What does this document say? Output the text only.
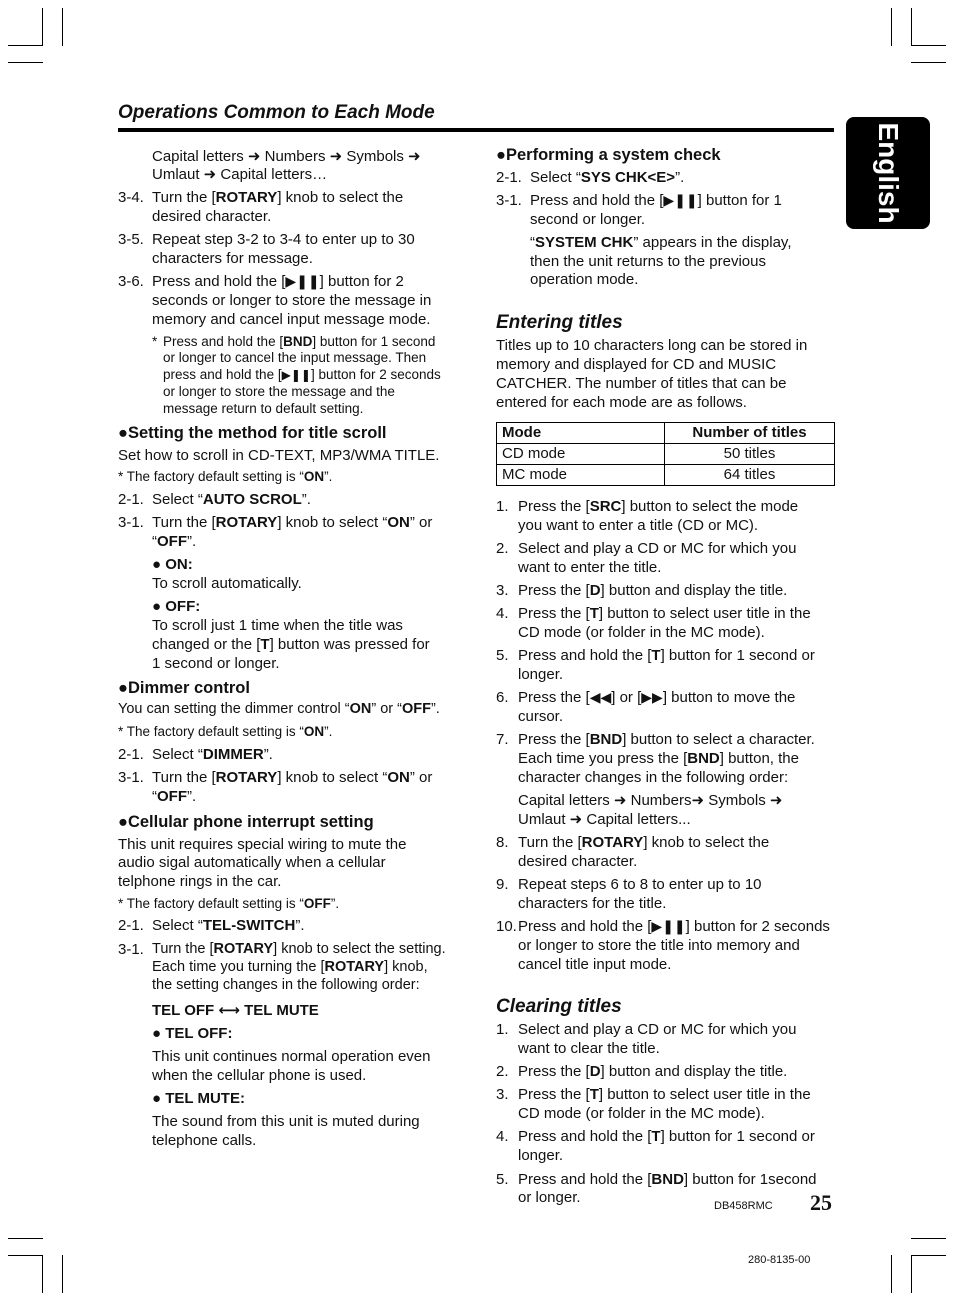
Operations Common to Each Mode
English
Capital letters ➜ Numbers ➜ Symbols ➜
Umlaut ➜ Capital letters…
3-4. Turn the [ROTARY] knob to select the
desired character.
3-5. Repeat step 3-2 to 3-4 to enter up to 30
characters for message.
3-6. Press and hold the [▶❚❚] button for 2
seconds or longer to store the message in
memory and cancel input message mode.
* Press and hold the [BND] button for 1 second
or longer to cancel the input message. Then
press and hold the [▶❚❚] button for 2 seconds
or longer to store the message and the
message return to default setting.
●Setting the method for title scroll
Set how to scroll in CD-TEXT, MP3/WMA TITLE.
* The factory default setting is “ON”.
2-1. Select “AUTO SCROL”.
3-1. Turn the [ROTARY] knob to select “ON” or
“OFF”.
● ON:
To scroll automatically.
● OFF:
To scroll just 1 time when the title was
changed or the [T] button was pressed for
1 second or longer.
●Dimmer control
You can setting the dimmer control “ON” or “OFF”.
* The factory default setting is “ON”.
2-1. Select “DIMMER”.
3-1. Turn the [ROTARY] knob to select “ON” or
“OFF”.
●Cellular phone interrupt setting
This unit requires special wiring to mute the
audio sigal automatically when a cellular
telphone rings in the car.
* The factory default setting is “OFF”.
2-1. Select “TEL-SWITCH”.
3-1. Turn the [ROTARY] knob to select the setting.
Each time you turning the [ROTARY] knob,
the setting changes in the following order:
TEL OFF ⟷ TEL MUTE
● TEL OFF:
This unit continues normal operation even
when the cellular phone is used.
● TEL MUTE:
The sound from this unit is muted during
telephone calls.
●Performing a system check
2-1. Select “SYS CHK<E>”.
3-1. Press and hold the [▶❚❚] button for 1
second or longer.
“SYSTEM CHK” appears in the display,
then the unit returns to the previous
operation mode.
Entering titles
Titles up to 10 characters long can be stored in
memory and displayed for CD and MUSIC
CATCHER. The number of titles that can be
entered for each mode are as follows.
Mode	Number of titles
CD mode	50 titles
MC mode	64 titles
1. Press the [SRC] button to select the mode
you want to enter a title (CD or MC).
2. Select and play a CD or MC for which you
want to enter the title.
3. Press the [D] button and display the title.
4. Press the [T] button to select user title in the
CD mode (or folder in the MC mode).
5. Press and hold the [T] button for 1 second or
longer.
6. Press the [◀◀] or [▶▶] button to move the
cursor.
7. Press the [BND] button to select a character.
Each time you press the [BND] button, the
character changes in the following order:
Capital letters ➜ Numbers➜ Symbols ➜
Umlaut ➜ Capital letters...
8. Turn the [ROTARY] knob to select the
desired character.
9. Repeat steps 6 to 8 to enter up to 10
characters for the title.
10. Press and hold the [▶❚❚] button for 2 seconds
or longer to store the title into memory and
cancel title input mode.
Clearing titles
1. Select and play a CD or MC for which you
want to clear the title.
2. Press the [D] button and display the title.
3. Press the [T] button to select user title in the
CD mode (or folder in the MC mode).
4. Press and hold the [T] button for 1 second or
longer.
5. Press and hold the [BND] button for 1second
or longer.	DB458RMC 25
280-8135-00
